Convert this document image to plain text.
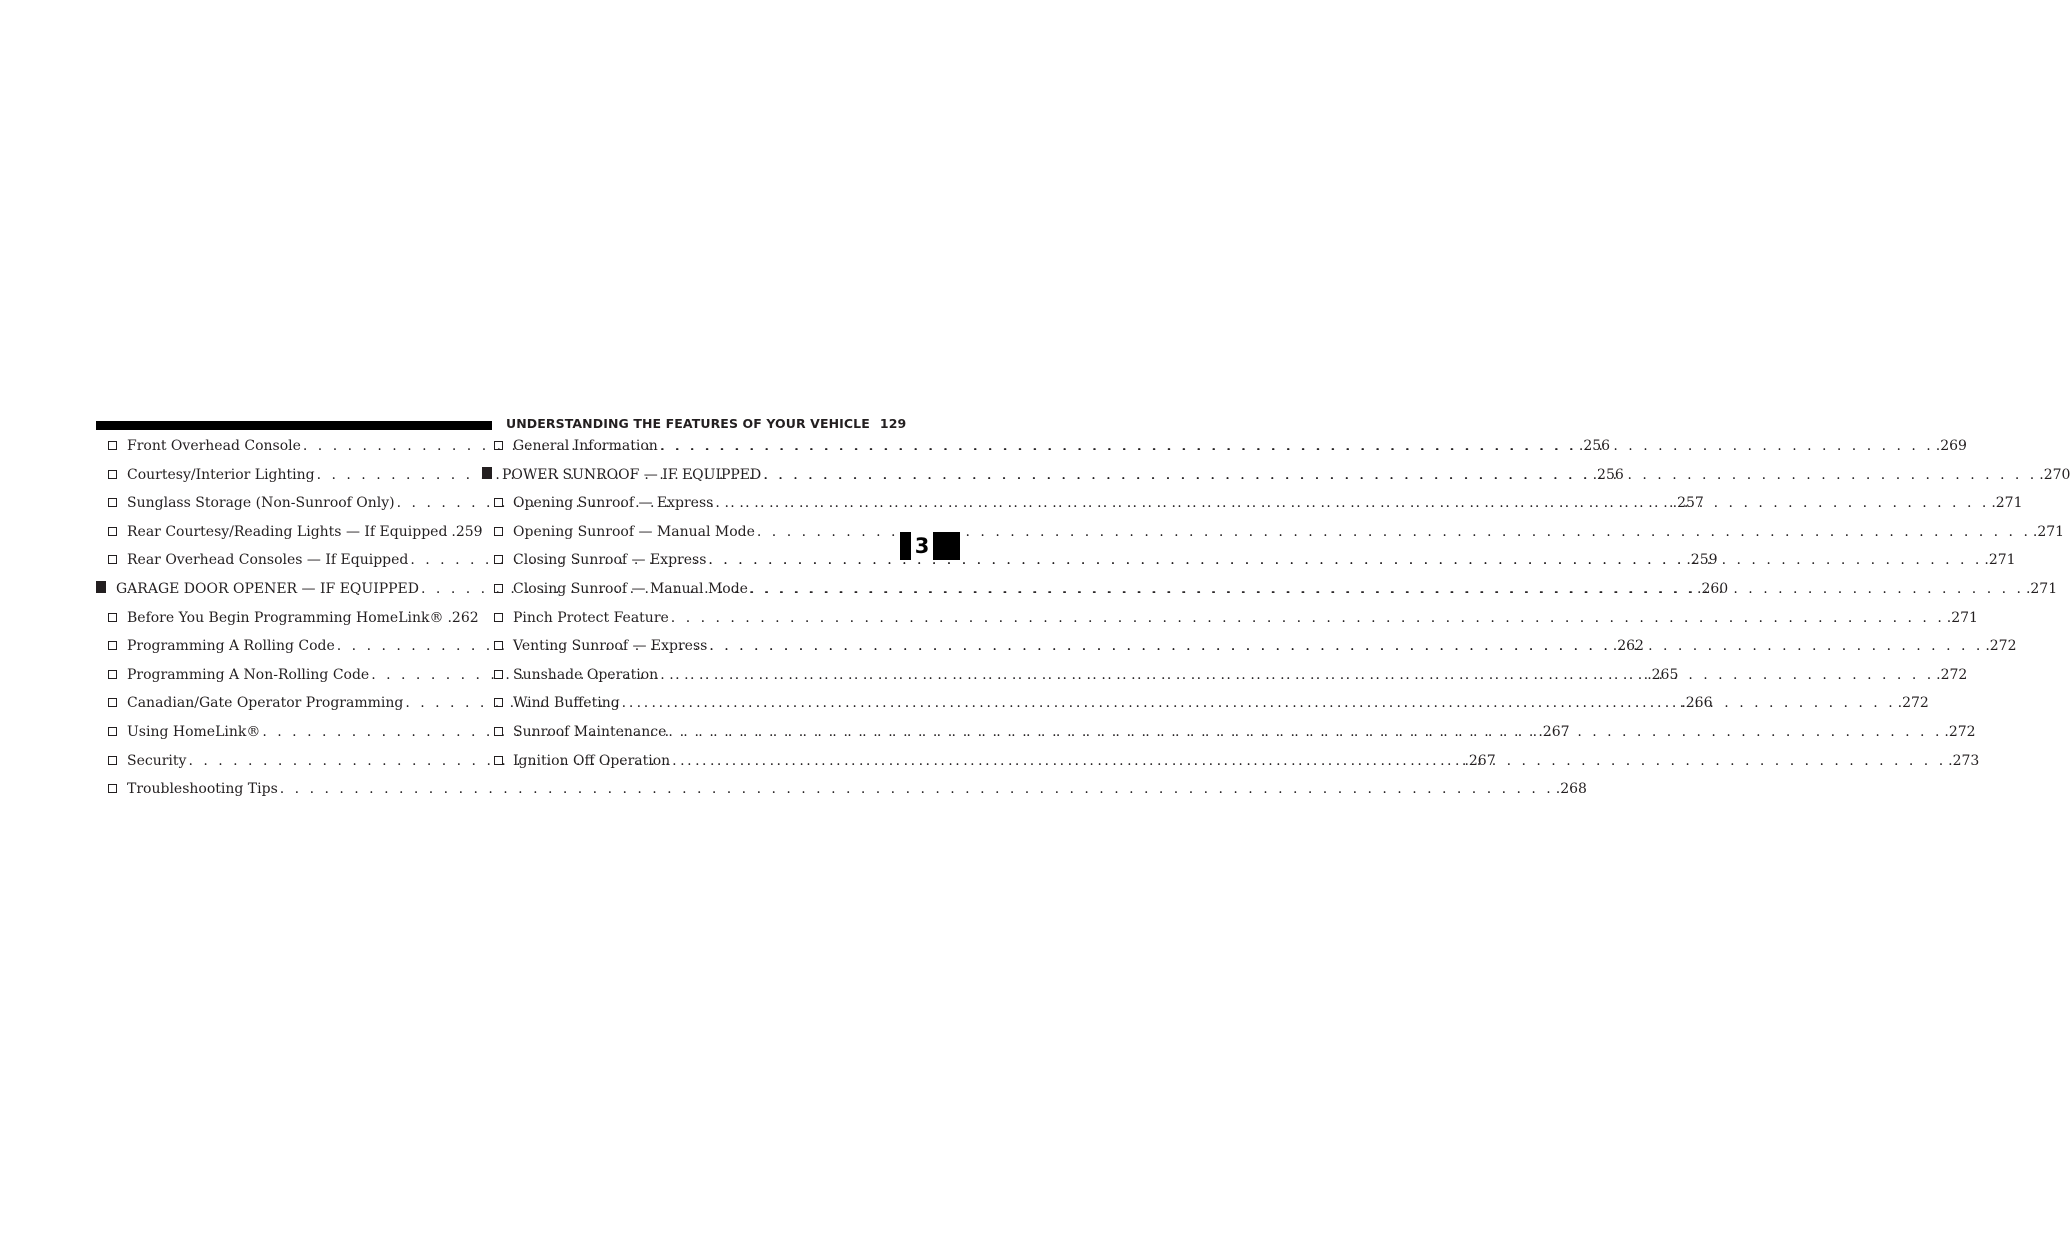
UNDERSTANDING THE FEATURES OF YOUR VEHICLE 129
Front Overhead Console . . .	.256
Courtesy/Interior Lighting . . .	.256
Sunglass Storage (Non-Sunroof Only) . . .	.257
Rear Courtesy/Reading Lights — If Equipped .259
Rear Overhead Consoles — If Equipped . . .	.259
GARAGE DOOR OPENER — IF EQUIPPED . . .	.260
Before You Begin Programming HomeLink® .262
Programming A Rolling Code . . .	.262
Programming A Non-Rolling Code . . .	.265
Canadian/Gate Operator Programming . . .	.266
Using HomeLink® . . .	.267
Security . . .	.267
Troubleshooting Tips . . .	.268
General Information . . .	.269
POWER SUNROOF — IF EQUIPPED . . .	.270
Opening Sunroof — Express . . .	.271
Opening Sunroof — Manual Mode . . .	.271
Closing Sunroof — Express . . .	.271
Closing Sunroof — Manual Mode . . .	.271
Pinch Protect Feature . . .	.271
Venting Sunroof — Express . . .	.272
Sunshade Operation . . .	.272
Wind Buffeting . . .	.272
Sunroof Maintenance . . .	.272
Ignition Off Operation . . .	.273
3
